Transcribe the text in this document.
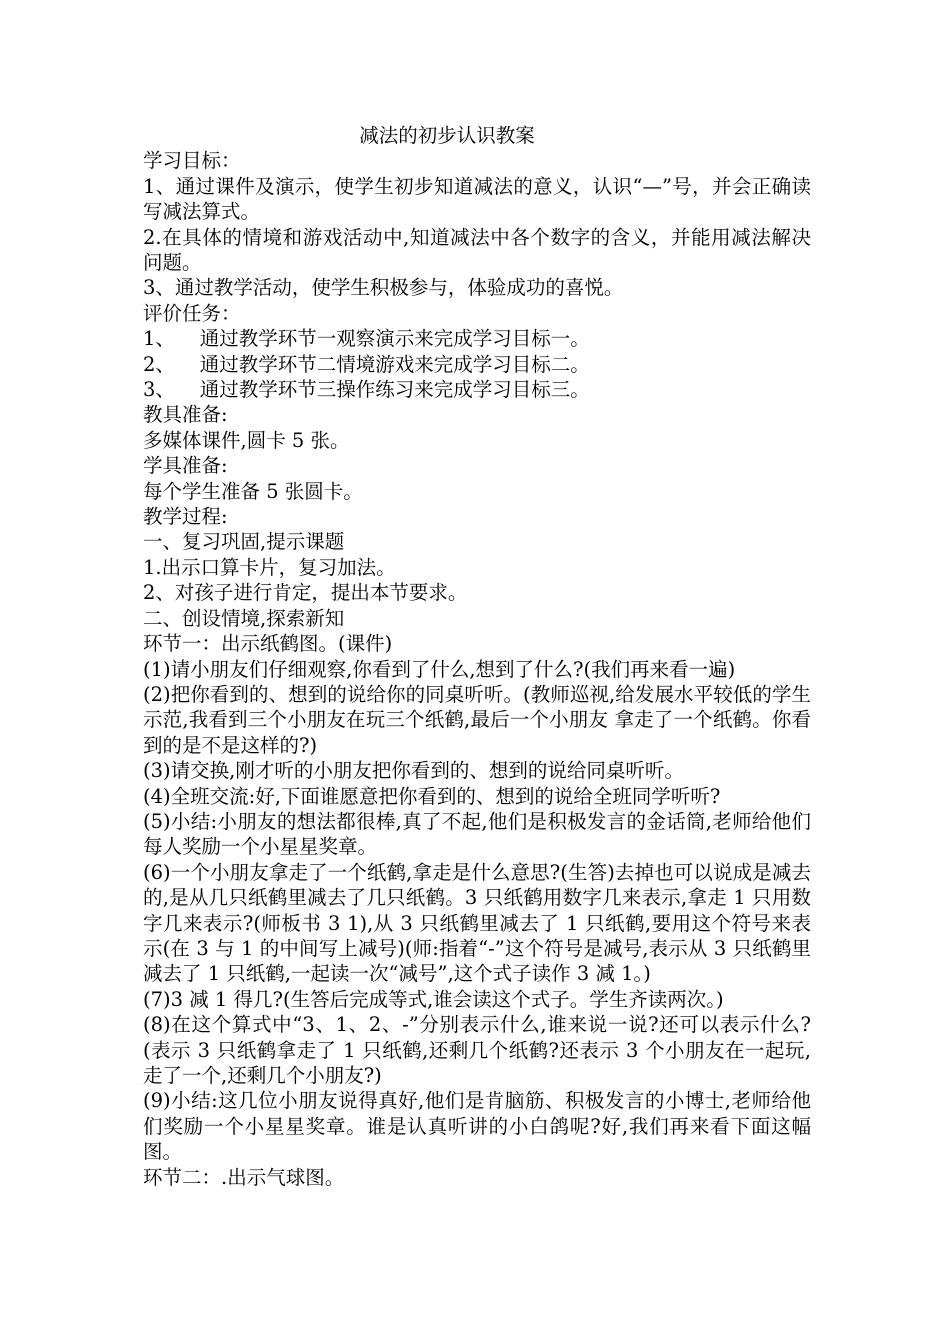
减法的初步认识教案

学习目标：

1、通过课件及演示，使学生初步知道减法的意义，认识“—”号，并会正确读写减法算式。

2.在具体的情境和游戏活动中,知道减法中各个数字的含义，并能用减法解决问题。

3、通过教学活动，使学生积极参与，体验成功的喜悦。

评价任务：

1、    通过教学环节一观察演示来完成学习目标一。

2、    通过教学环节二情境游戏来完成学习目标二。

3、    通过教学环节三操作练习来完成学习目标三。

教具准备:

多媒体课件,圆卡 5 张。

学具准备:

每个学生准备 5 张圆卡。

教学过程:

一、复习巩固,提示课题

1.出示口算卡片，复习加法。

2、对孩子进行肯定，提出本节要求。

二、创设情境,探索新知

环节一：出示纸鹤图。(课件)

(1)请小朋友们仔细观察,你看到了什么,想到了什么?(我们再来看一遍)

(2)把你看到的、想到的说给你的同桌听听。(教师巡视,给发展水平较低的学生示范,我看到三个小朋友在玩三个纸鹤,最后一个小朋友 拿走了一个纸鹤。你看到的是不是这样的?)

(3)请交换,刚才听的小朋友把你看到的、想到的说给同桌听听。

(4)全班交流:好,下面谁愿意把你看到的、想到的说给全班同学听听?

(5)小结:小朋友的想法都很棒,真了不起,他们是积极发言的金话筒,老师给他们每人奖励一个小星星奖章。

(6)一个小朋友拿走了一个纸鹤,拿走是什么意思?(生答)去掉也可以说成是减去的,是从几只纸鹤里减去了几只纸鹤。3 只纸鹤用数字几来表示,拿走 1 只用数字几来表示?(师板书 3 1),从 3 只纸鹤里减去了 1 只纸鹤,要用这个符号来表示(在 3 与 1 的中间写上减号)(师:指着“-”这个符号是减号,表示从 3 只纸鹤里减去了 1 只纸鹤,一起读一次“减号”,这个式子读作 3 减 1。)

(7)3 减 1 得几?(生答后完成等式,谁会读这个式子。学生齐读两次。)

(8)在这个算式中“3、1、2、-”分别表示什么,谁来说一说?还可以表示什么?(表示 3 只纸鹤拿走了 1 只纸鹤,还剩几个纸鹤?还表示 3 个小朋友在一起玩,走了一个,还剩几个小朋友?)

(9)小结:这几位小朋友说得真好,他们是肯脑筋、积极发言的小博士,老师给他们奖励一个小星星奖章。谁是认真听讲的小白鸽呢?好,我们再来看下面这幅图。

环节二：.出示气球图。
